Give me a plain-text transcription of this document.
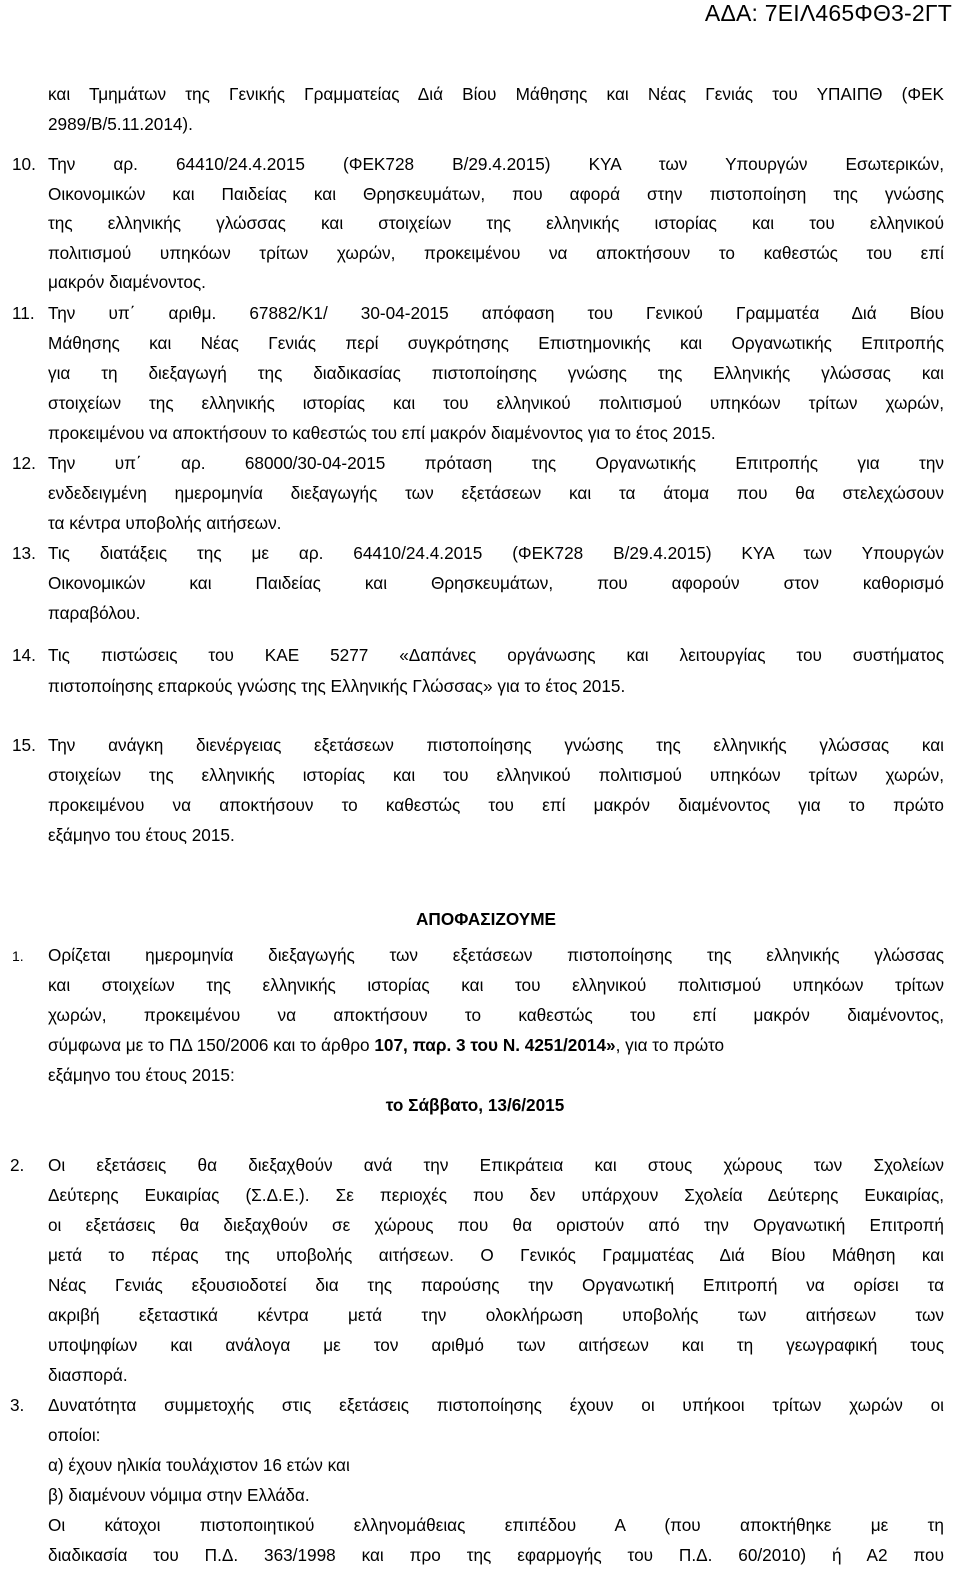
ΑΔΑ: 7ΕΙΛ465ΦΘ3-2ΓΤ
και Τμημάτων της Γενικής Γραμματείας Διά Βίου Μάθησης και Νέας Γενιάς του ΥΠΑΙΠΘ (ΦΕΚ
2989/Β/5.11.2014).
10. Την αρ. 64410/24.4.2015 (ΦΕΚ728 Β/29.4.2015) ΚΥΑ των Υπουργών Εσωτερικών,
Οικονομικών και Παιδείας και Θρησκευμάτων, που αφορά στην πιστοποίηση της γνώσης
της ελληνικής γλώσσας και στοιχείων της ελληνικής ιστορίας και του ελληνικού
πολιτισμού υπηκόων τρίτων χωρών, προκειμένου να αποκτήσουν το καθεστώς του επί
μακρόν διαμένοντος.
11. Την υπ΄ αριθμ. 67882/Κ1/ 30-04-2015 απόφαση του Γενικού Γραμματέα Διά Βίου
Μάθησης και Νέας Γενιάς περί συγκρότησης Επιστημονικής και Οργανωτικής Επιτροπής
για τη διεξαγωγή της διαδικασίας πιστοποίησης γνώσης της Ελληνικής γλώσσας και
στοιχείων της ελληνικής ιστορίας και του ελληνικού πολιτισμού υπηκόων τρίτων χωρών,
προκειμένου να αποκτήσουν το καθεστώς του επί μακρόν διαμένοντος για το έτος 2015.
12. Την υπ΄ αρ. 68000/30-04-2015 πρόταση της Οργανωτικής Επιτροπής για την
ενδεδειγμένη ημερομηνία διεξαγωγής των εξετάσεων και τα άτομα που θα στελεχώσουν
τα κέντρα υποβολής αιτήσεων.
13. Τις διατάξεις της με αρ. 64410/24.4.2015 (ΦΕΚ728 Β/29.4.2015) ΚΥΑ των Υπουργών
Οικονομικών και Παιδείας και Θρησκευμάτων, που αφορούν στον καθορισμό
παραβόλου.
14. Τις πιστώσεις του ΚΑΕ 5277 «Δαπάνες οργάνωσης και λειτουργίας του συστήματος
πιστοποίησης επαρκούς γνώσης της Ελληνικής Γλώσσας» για το έτος 2015.
15. Την ανάγκη διενέργειας εξετάσεων πιστοποίησης γνώσης της ελληνικής γλώσσας και
στοιχείων της ελληνικής ιστορίας και του ελληνικού πολιτισμού υπηκόων τρίτων χωρών,
προκειμένου να αποκτήσουν το καθεστώς του επί μακρόν διαμένοντος για το πρώτο
εξάμηνο του έτους 2015.
ΑΠΟΦΑΣΙΖΟΥΜΕ
1. Ορίζεται ημερομηνία διεξαγωγής των εξετάσεων πιστοποίησης της ελληνικής γλώσσας
και στοιχείων της ελληνικής ιστορίας και του ελληνικού πολιτισμού υπηκόων τρίτων
χωρών, προκειμένου να αποκτήσουν το καθεστώς του επί μακρόν διαμένοντος,
σύμφωνα με το ΠΔ 150/2006 και το άρθρο 107, παρ. 3 του Ν. 4251/2014», για το πρώτο
εξάμηνο του έτους 2015:
το Σάββατο, 13/6/2015
2. Οι εξετάσεις θα διεξαχθούν ανά την Επικράτεια και στους χώρους των Σχολείων
Δεύτερης Ευκαιρίας (Σ.Δ.Ε.). Σε περιοχές που δεν υπάρχουν Σχολεία Δεύτερης Ευκαιρίας,
οι εξετάσεις θα διεξαχθούν σε χώρους που θα οριστούν από την Οργανωτική Επιτροπή
μετά το πέρας της υποβολής αιτήσεων. Ο Γενικός Γραμματέας Διά Βίου Μάθηση και
Νέας Γενιάς εξουσιοδοτεί δια της παρούσης την Οργανωτική Επιτροπή να ορίσει τα
ακριβή εξεταστικά κέντρα μετά την ολοκλήρωση υποβολής των αιτήσεων των
υποψηφίων και ανάλογα με τον αριθμό των αιτήσεων και τη γεωγραφική τους
διασπορά.
3. Δυνατότητα συμμετοχής στις εξετάσεις πιστοποίησης έχουν οι υπήκοοι τρίτων χωρών οι
οποίοι:
α) έχουν ηλικία τουλάχιστον 16 ετών και
β) διαμένουν νόμιμα στην Ελλάδα.
Οι κάτοχοι πιστοποιητικού ελληνομάθειας επιπέδου Α (που αποκτήθηκε με τη
διαδικασία του Π.Δ. 363/1998 και προ της εφαρμογής του Π.Δ. 60/2010) ή Α2 που
